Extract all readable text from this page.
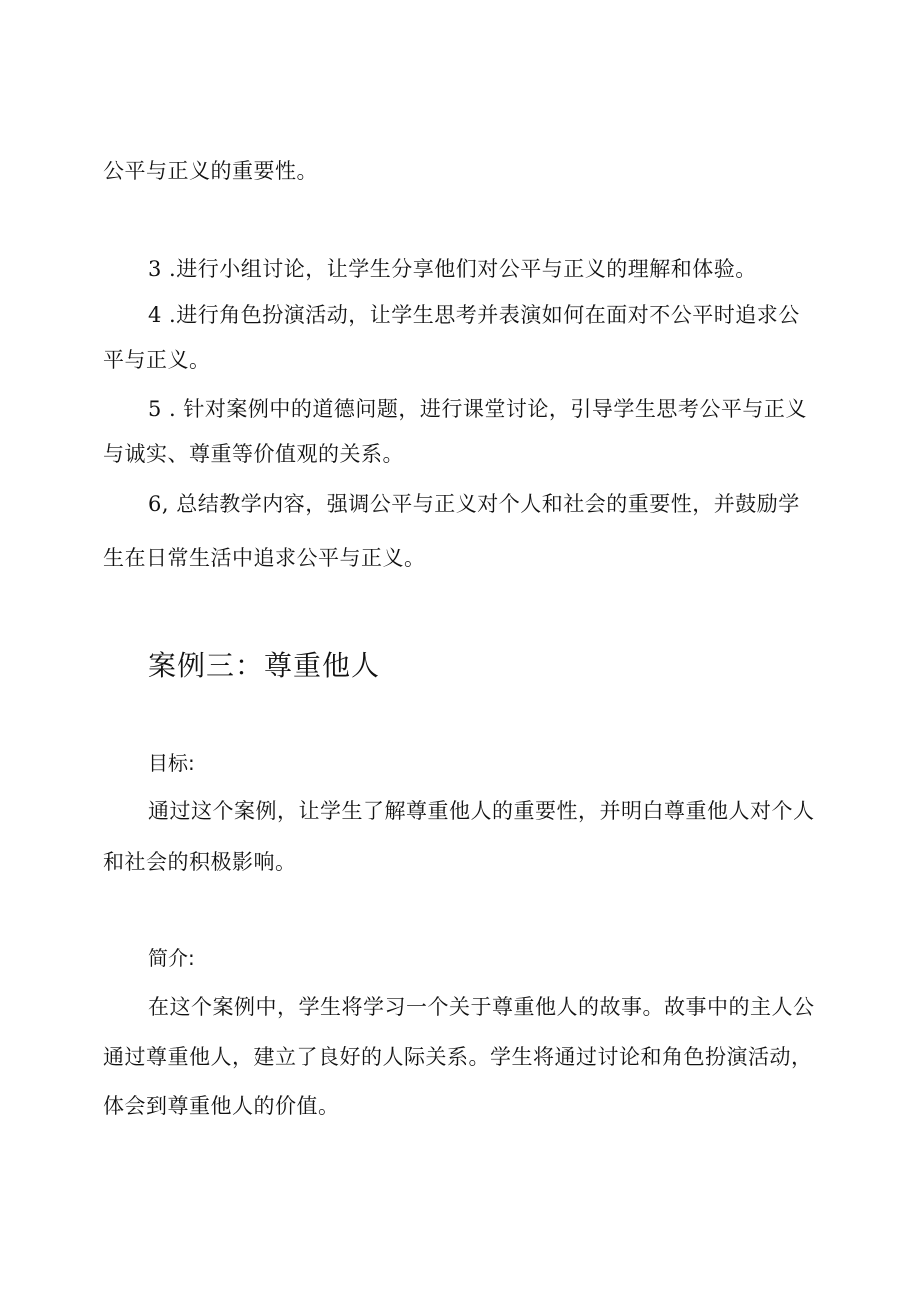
公平与正义的重要性。
3 .进行小组讨论，让学生分享他们对公平与正义的理解和体验。
4 .进行角色扮演活动，让学生思考并表演如何在面对不公平时追求公
平与正义。
5 . 针对案例中的道德问题，进行课堂讨论，引导学生思考公平与正义
与诚实、尊重等价值观的关系。
6, 总结教学内容，强调公平与正义对个人和社会的重要性，并鼓励学
生在日常生活中追求公平与正义。
案例三：尊重他人
目标:
通过这个案例，让学生了解尊重他人的重要性，并明白尊重他人对个人
和社会的积极影响。
简介:
在这个案例中，学生将学习一个关于尊重他人的故事。故事中的主人公
通过尊重他人，建立了良好的人际关系。学生将通过讨论和角色扮演活动，
体会到尊重他人的价值。
